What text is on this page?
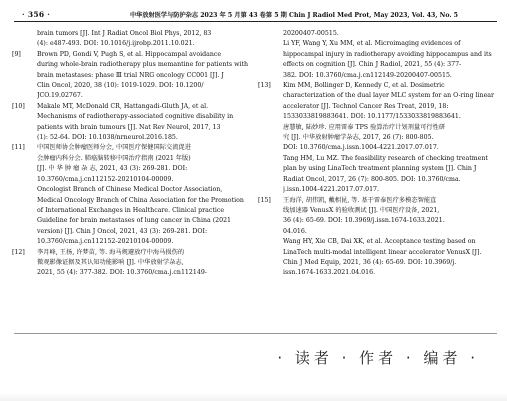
· 356 ·	中华放射医学与防护杂志 2023 年 5 月第 43 卷第 5 期 Chin J Radiol Med Prot, May 2023, Vol. 43, No. 5
brain tumors [J]. Int J Radiat Oncol Biol Phys, 2012, 83
(4): e487-493. DOI: 10.1016/j.ijrobp.2011.10.021.
[9]	Brown PD, Gondi V, Pugh S, et al. Hippocampal avoidance
during whole-brain radiotherapy plus memantine for patients with
brain metastases: phase Ⅲ trial NRG oncology CC001 [J]. J
Clin Oncol, 2020, 38 (10): 1019-1029. DOI: 10.1200/
JCO.19.02767.
[10]	Makale MT, McDonald CR, Hattangadi-Gluth JA, et al.
Mechanisms of radiotherapy-associated cognitive disability in
patients with brain tumours [J]. Nat Rev Neurol, 2017, 13
(1): 52-64. DOI: 10.1038/nrneurol.2016.185.
[11]	中国医师协会肿瘤医师分会, 中国医疗保健国际交流促进
会肿瘤内科分会. 肺癌脑转移中国治疗指南 (2021 年版)
[J]. 中 华 肿 瘤 杂 志, 2021, 43 (3): 269-281. DOI:
10.3760/cma.j.cn112152-20210104-00009.
Oncologist Branch of Chinese Medical Doctor Association,
Medical Oncology Branch of China Association for the Promotion
of International Exchanges in Healthcare. Clinical practice
Guideline for brain metastases of lung cancer in China (2021
version) [J]. Chin J Oncol, 2021, 43 (3): 269-281. DOI:
10.3760/cma.j.cn112152-20210104-00009.
[12]	李月峰, 王扬, 许梦苗, 等. 海马规避放疗中海马损伤的
微观影像证据及其认知功能影响 [J]. 中华放射学杂志,
2021, 55 (4): 377-382. DOI: 10.3760/cma.j.cn112149-
20200407-00515.
Li YF, Wang Y, Xu MM, et al. Microimaging evidences of
hippocampal injury in radiotherapy avoiding hippocampus and its
effects on cognition [J]. Chin J Radiol, 2021, 55 (4): 377-
382. DOI: 10.3760/cma.j.cn112149-20200407-00515.
[13]	Kim MM, Bollinger D, Kennedy C, et al. Dosimetric
characterization of the dual layer MLC system for an O-ring linear
accelerator [J]. Technol Cancer Res Treat, 2019, 18:
1533033819883641. DOI: 10.1177/1533033819883641.
唐慧敏, 陆妙珍. 应用雷泰 TPS 验算治疗计划剂量可行性研
究 [J]. 中华放射肿瘤学杂志, 2017, 26 (7): 800-805.
DOI: 10.3760/cma.j.issn.1004-4221.2017.07.017.
Tang HM, Lu MZ. The feasibility research of checking treatment
plan by using LinaTech treatment planning system [J]. Chin J
Radiat Oncol, 2017, 26 (7): 800-805. DOI: 10.3760/cma.
j.issn.1004-4221.2017.07.017.
[15]	王海洋, 胡伟凯, 戴相昆, 等. 基于雷泰医疗多模态智能直
线加速器 VenusX 的验收测试 [J]. 中国医疗设备, 2021,
36 (4): 65-69. DOI: 10.3969/j.issn.1674-1633.2021.
04.016.
Wang HY, Xie CB, Dai XK, et al. Acceptance testing based on
LinaTech multi-modal intelligent linear accelerator VenusX [J].
Chin J Med Equip, 2021, 36 (4): 65-69. DOI: 10.3969/j.
issn.1674-1633.2021.04.016.
· 读者 · 作者 · 编者 ·
